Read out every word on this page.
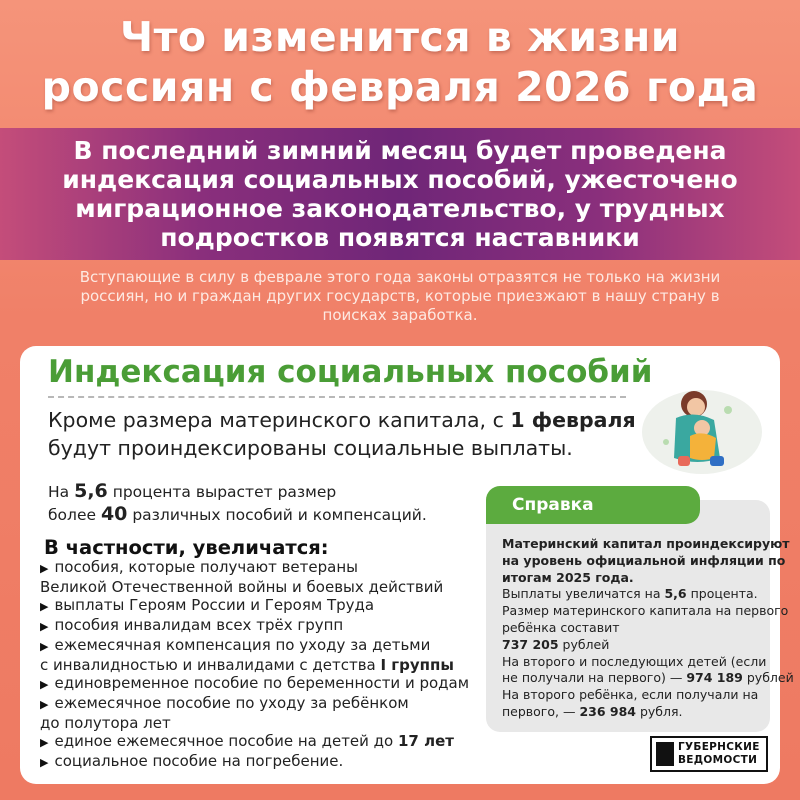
Что изменится в жизни
россиян с февраля 2026 года
В последний зимний месяц будет проведена
индексация социальных пособий, ужесточено
миграционное законодательство, у трудных
подростков появятся наставники
Вступающие в силу в феврале этого года законы отразятся не только на жизни россиян, но и граждан других государств, которые приезжают в нашу страну в поисках заработка.
Индексация социальных пособий
Кроме размера материнского капитала, с 1 февраля
будут проиндексированы социальные выплаты.
На 5,6 процента вырастет размер
более 40 различных пособий и компенсаций.
В частности, увеличатся:
▶ пособия, которые получают ветераны
Великой Отечественной войны и боевых действий
▶ выплаты Героям России и Героям Труда
▶ пособия инвалидам всех трёх групп
▶ ежемесячная компенсация по уходу за детьми
с инвалидностью и инвалидами с детства I группы
▶ единовременное пособие по беременности и родам
▶ ежемесячное пособие по уходу за ребёнком
до полутора лет
▶ единое ежемесячное пособие на детей до 17 лет
▶ социальное пособие на погребение.
Справка
Материнский капитал проиндексируют
на уровень официальной инфляции по
итогам 2025 года.
Выплаты увеличатся на 5,6 процента.
Размер материнского капитала на первого
ребёнка составит
737 205 рублей
На второго и последующих детей (если
не получали на первого) — 974 189 рублей
На второго ребёнка, если получали на
первого, — 236 984 рубля.
ГУБЕРНСКИЕ
ВЕДОМОСТИ
